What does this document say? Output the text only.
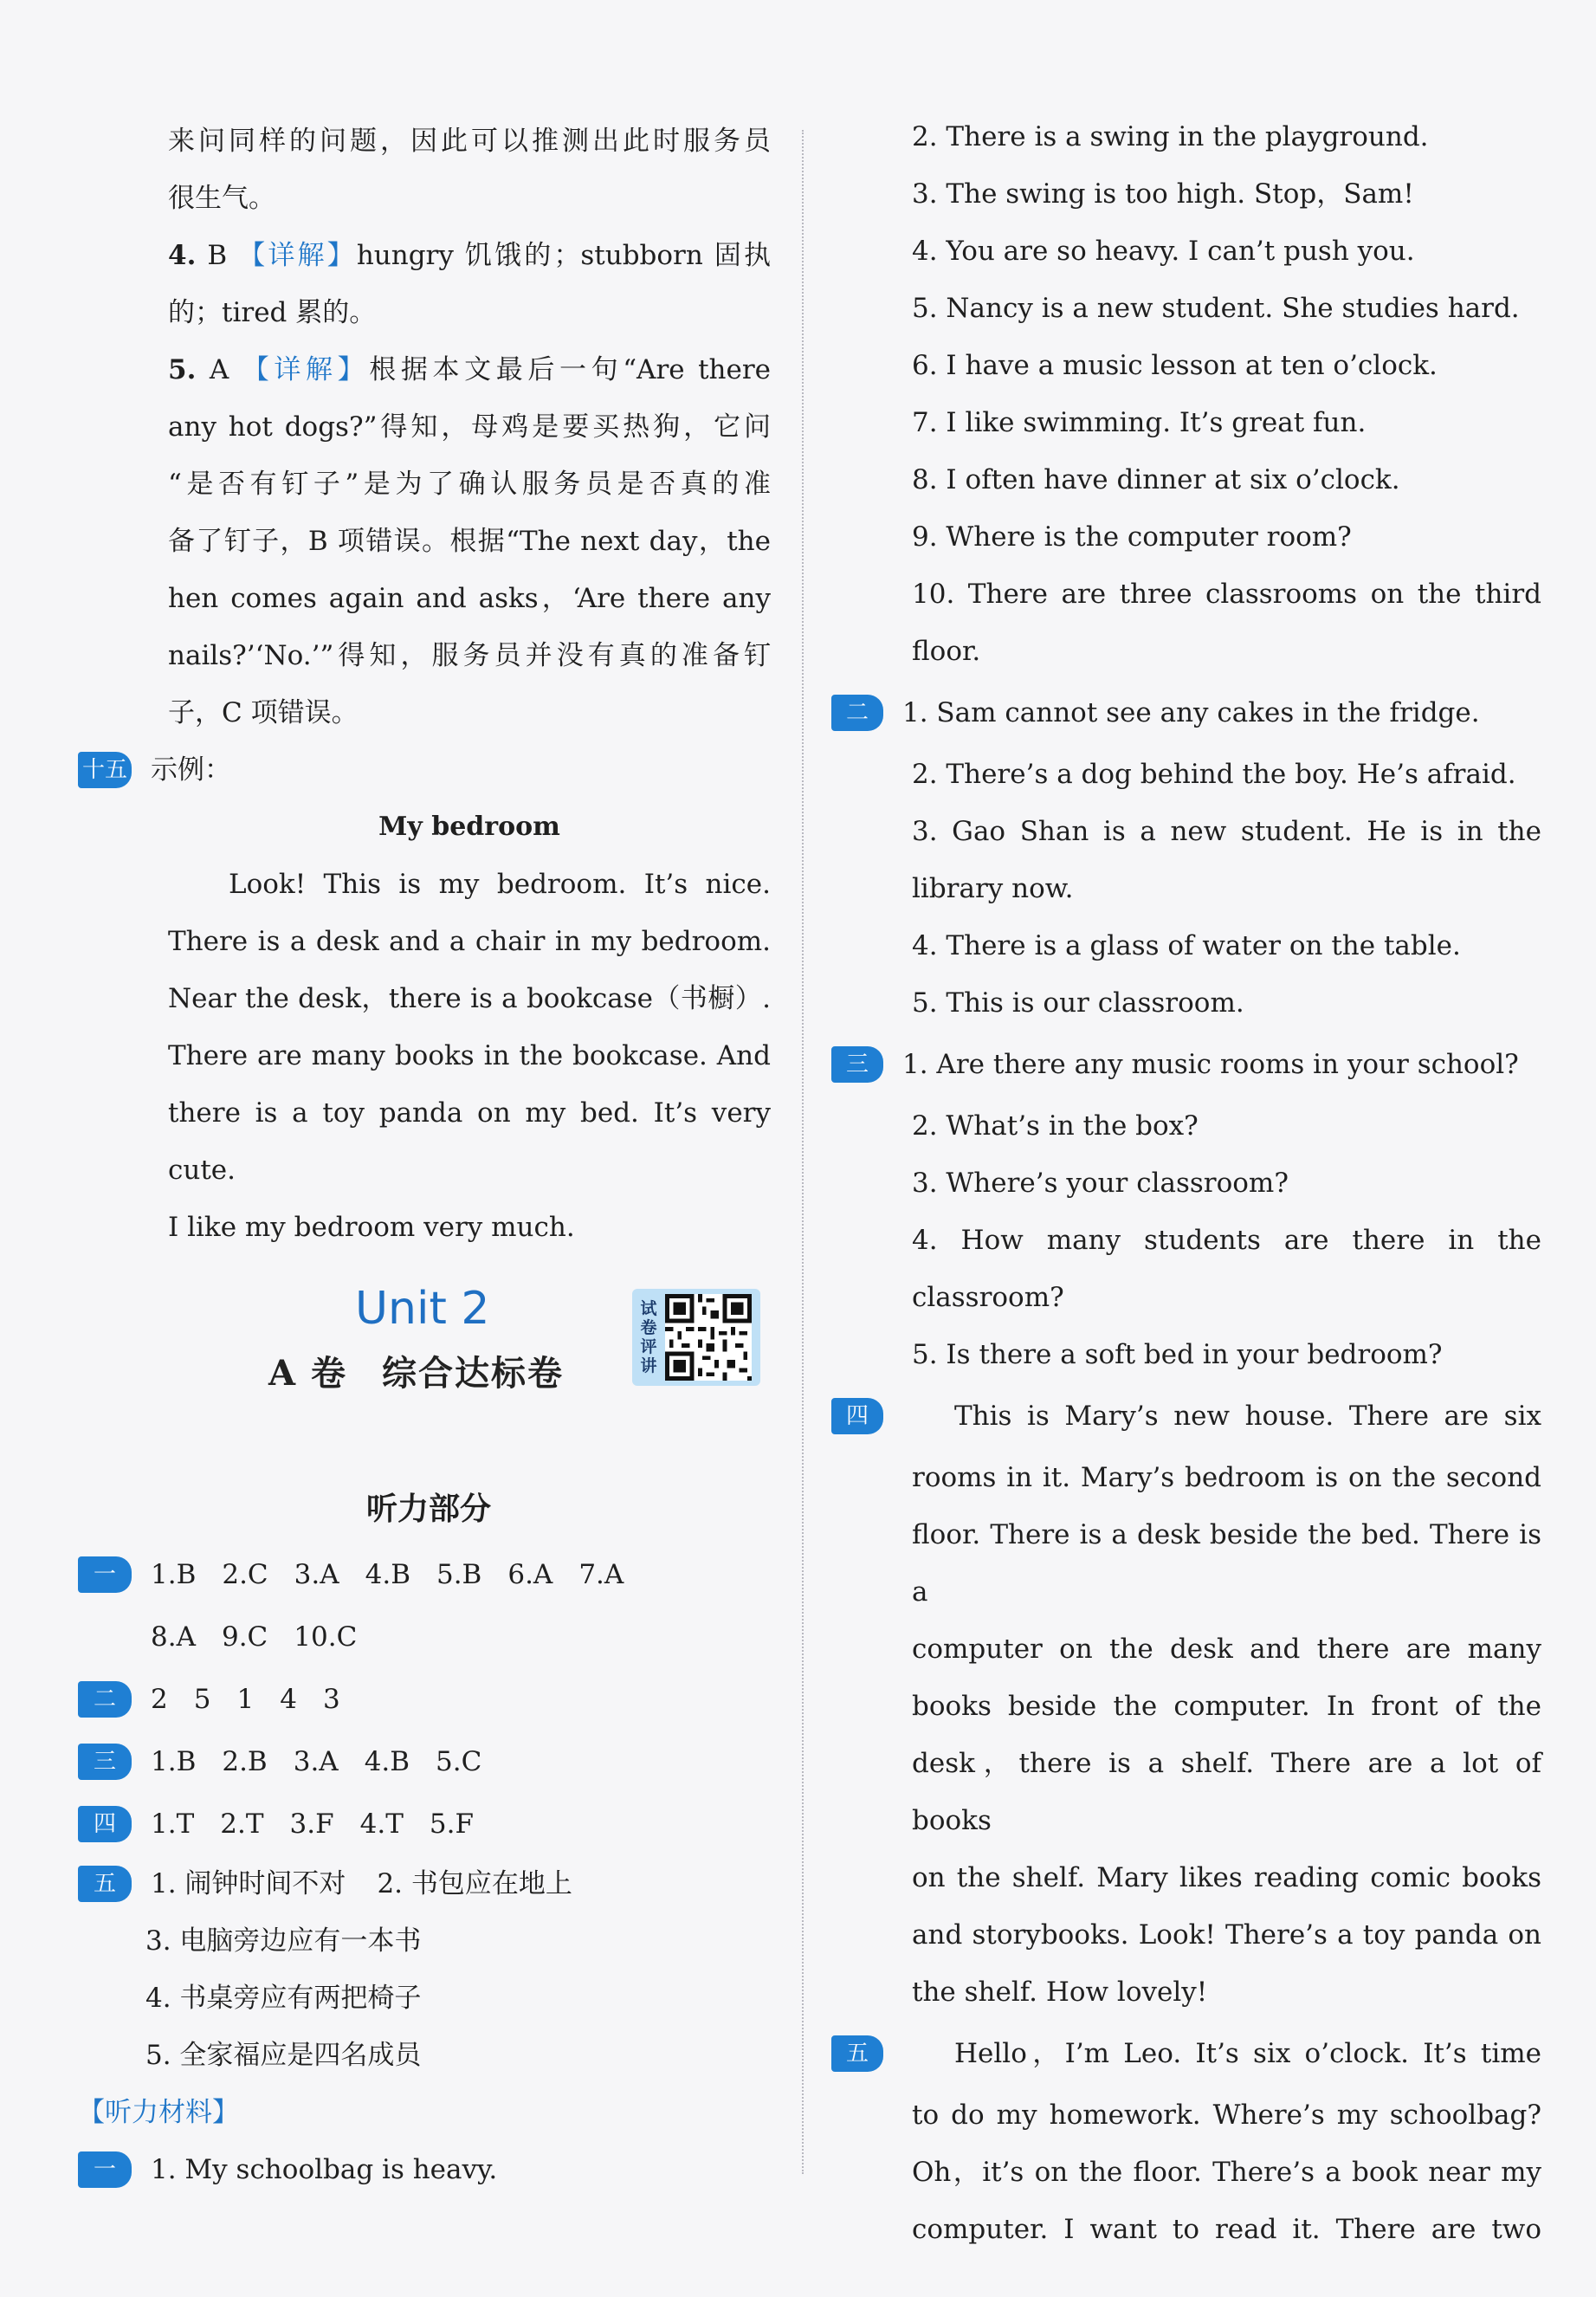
来问同样的问题，因此可以推测出此时服务员
很生气。
4. B 【详解】hungry 饥饿的；stubborn 固执
的；tired 累的。
5. A 【详解】根据本文最后一句“Are there
any hot dogs?”得知，母鸡是要买热狗，它问
“是否有钉子”是为了确认服务员是否真的准
备了钉子，B 项错误。根据“The next day，the
hen comes again and asks，‘Are there any
nails?’‘No.’”得知，服务员并没有真的准备钉
子，C 项错误。
十五 示例：
My bedroom
Look! This is my bedroom. It’s nice.
There is a desk and a chair in my bedroom.
Near the desk，there is a bookcase（书橱）.
There are many books in the bookcase. And
there is a toy panda on my bed. It’s very cute.
I like my bedroom very much.
Unit 2	试卷评讲
A 卷 综合达标卷
听力部分
一	1.B 2.C 3.A 4.B 5.B 6.A 7.A
8.A 9.C 10.C
二	2 5 1 4 3
三	1.B 2.B 3.A 4.B 5.C
四	1.T 2.T 3.F 4.T 5.F
五	1. 闹钟时间不对 2. 书包应在地上
3. 电脑旁边应有一本书
4. 书桌旁应有两把椅子
5. 全家福应是四名成员
【听力材料】
一	1. My schoolbag is heavy.
2. There is a swing in the playground.
3. The swing is too high. Stop，Sam!
4. You are so heavy. I can’t push you.
5. Nancy is a new student. She studies hard.
6. I have a music lesson at ten o’clock.
7. I like swimming. It’s great fun.
8. I often have dinner at six o’clock.
9. Where is the computer room?
10. There are three classrooms on the third
floor.
二	1. Sam cannot see any cakes in the fridge.
2. There’s a dog behind the boy. He’s afraid.
3. Gao Shan is a new student. He is in the
library now.
4. There is a glass of water on the table.
5. This is our classroom.
三	1. Are there any music rooms in your school?
2. What’s in the box?
3. Where’s your classroom?
4. How many students are there in the
classroom?
5. Is there a soft bed in your bedroom?
四	This is Mary’s new house. There are six
rooms in it. Mary’s bedroom is on the second
floor. There is a desk beside the bed. There is a
computer on the desk and there are many
books beside the computer. In front of the
desk，there is a shelf. There are a lot of books
on the shelf. Mary likes reading comic books
and storybooks. Look! There’s a toy panda on
the shelf. How lovely!
五	Hello，I’m Leo. It’s six o’clock. It’s time
to do my homework. Where’s my schoolbag?
Oh，it’s on the floor. There’s a book near my
computer. I want to read it. There are two
